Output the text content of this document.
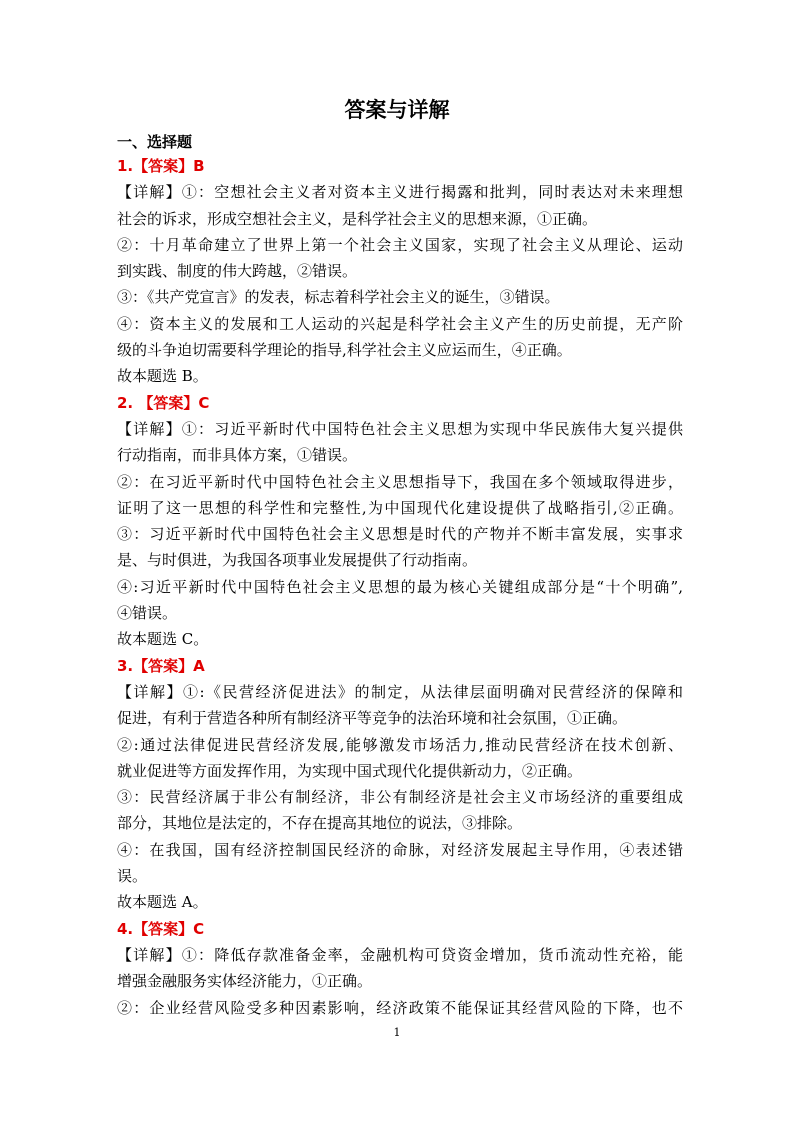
答案与详解
一、选择题
1.【答案】B
【详解】①：空想社会主义者对资本主义进行揭露和批判，同时表达对未来理想
社会的诉求，形成空想社会主义，是科学社会主义的思想来源，①正确。
②：十月革命建立了世界上第一个社会主义国家，实现了社会主义从理论、运动
到实践、制度的伟大跨越，②错误。
③：《共产党宣言》的发表，标志着科学社会主义的诞生，③错误。
④：资本主义的发展和工人运动的兴起是科学社会主义产生的历史前提，无产阶
级的斗争迫切需要科学理论的指导,科学社会主义应运而生，④正确。
故本题选 B。
2. 【答案】C
【详解】①：习近平新时代中国特色社会主义思想为实现中华民族伟大复兴提供
行动指南，而非具体方案，①错误。
②：在习近平新时代中国特色社会主义思想指导下，我国在多个领域取得进步，
证明了这一思想的科学性和完整性,为中国现代化建设提供了战略指引,②正确。
③：习近平新时代中国特色社会主义思想是时代的产物并不断丰富发展，实事求
是、与时俱进，为我国各项事业发展提供了行动指南。
④:习近平新时代中国特色社会主义思想的最为核心关键组成部分是“十个明确”,
④错误。
故本题选 C。
3.【答案】A
【详解】①:《民营经济促进法》的制定，从法律层面明确对民营经济的保障和
促进，有利于营造各种所有制经济平等竞争的法治环境和社会氛围，①正确。
②:通过法律促进民营经济发展,能够激发市场活力,推动民营经济在技术创新、
就业促进等方面发挥作用，为实现中国式现代化提供新动力，②正确。
③：民营经济属于非公有制经济，非公有制经济是社会主义市场经济的重要组成
部分，其地位是法定的，不存在提高其地位的说法，③排除。
④：在我国，国有经济控制国民经济的命脉，对经济发展起主导作用，④表述错
误。
故本题选 A。
4.【答案】C
【详解】①：降低存款准备金率，金融机构可贷资金增加，货币流动性充裕，能
增强金融服务实体经济能力，①正确。
②：企业经营风险受多种因素影响，经济政策不能保证其经营风险的下降，也不
1
